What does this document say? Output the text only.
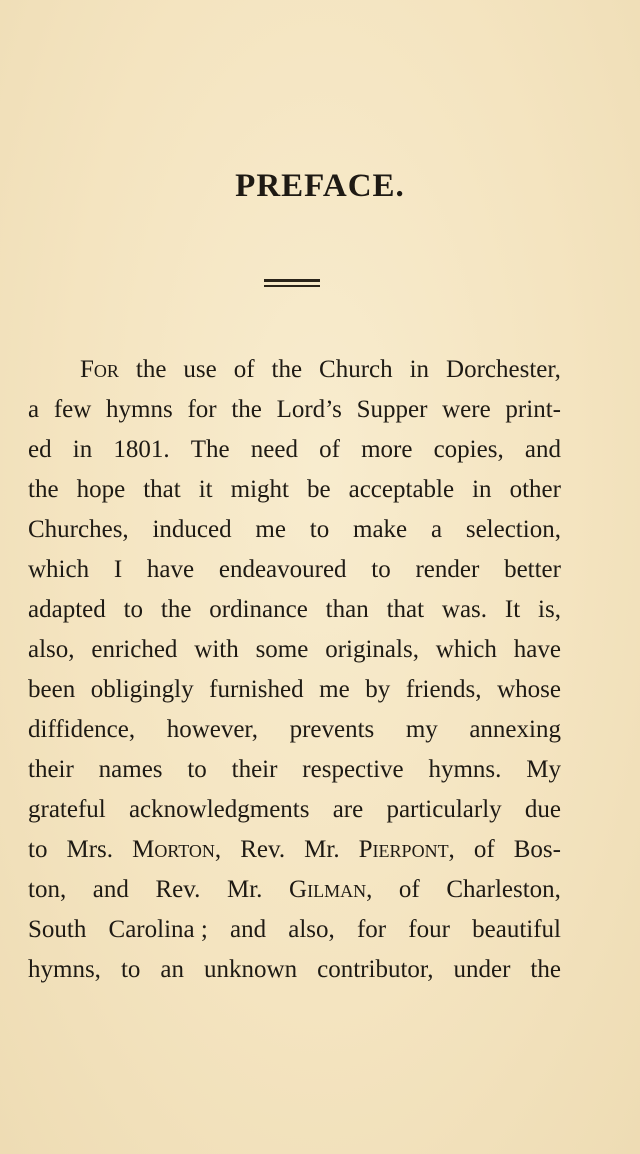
PREFACE.
For the use of the Church in Dorchester,
a few hymns for the Lord’s Supper were print-
ed in 1801. The need of more copies, and
the hope that it might be acceptable in other
Churches, induced me to make a selection,
which I have endeavoured to render better
adapted to the ordinance than that was. It is,
also, enriched with some originals, which have
been obligingly furnished me by friends, whose
diffidence, however, prevents my annexing
their names to their respective hymns. My
grateful acknowledgments are particularly due
to Mrs. Morton, Rev. Mr. Pierpont, of Bos-
ton, and Rev. Mr. Gilman, of Charleston,
South Carolina ; and also, for four beautiful
hymns, to an unknown contributor, under the
